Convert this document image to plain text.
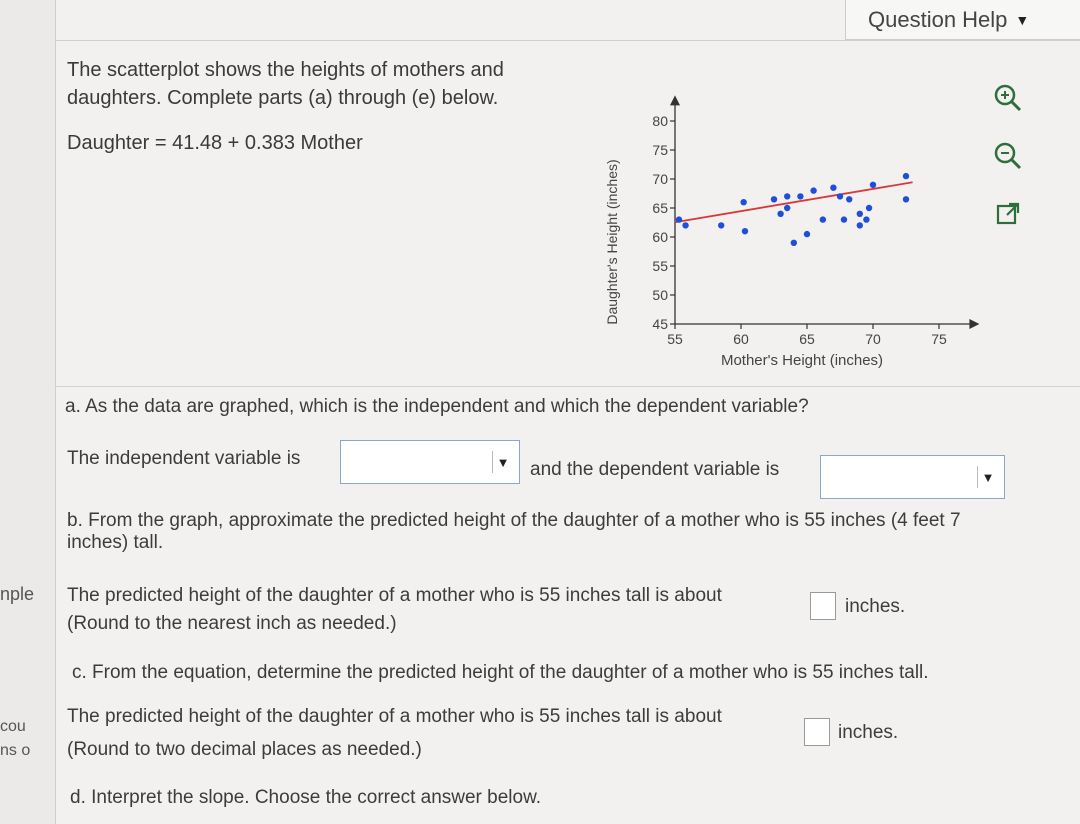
nple
cou
ns o
Question Help ▼
The scatterplot shows the heights of mothers and daughters. Complete parts (a) through (e) below.
Daughter = 41.48 + 0.383 Mother
Daughter's Height (inches)
Mother's Height (inches)
45
50
55
60
65
70
75
80
55	60	65	70	75
a. As the data are graphed, which is the independent and which the dependent variable?
The independent variable is	▼ and the dependent variable is	▼
b. From the graph, approximate the predicted height of the daughter of a mother who is 55 inches (4 feet 7 inches) tall.
The predicted height of the daughter of a mother who is 55 inches tall is about
inches.
(Round to the nearest inch as needed.)
c. From the equation, determine the predicted height of the daughter of a mother who is 55 inches tall.
The predicted height of the daughter of a mother who is 55 inches tall is about
inches.
(Round to two decimal places as needed.)
d. Interpret the slope. Choose the correct answer below.
